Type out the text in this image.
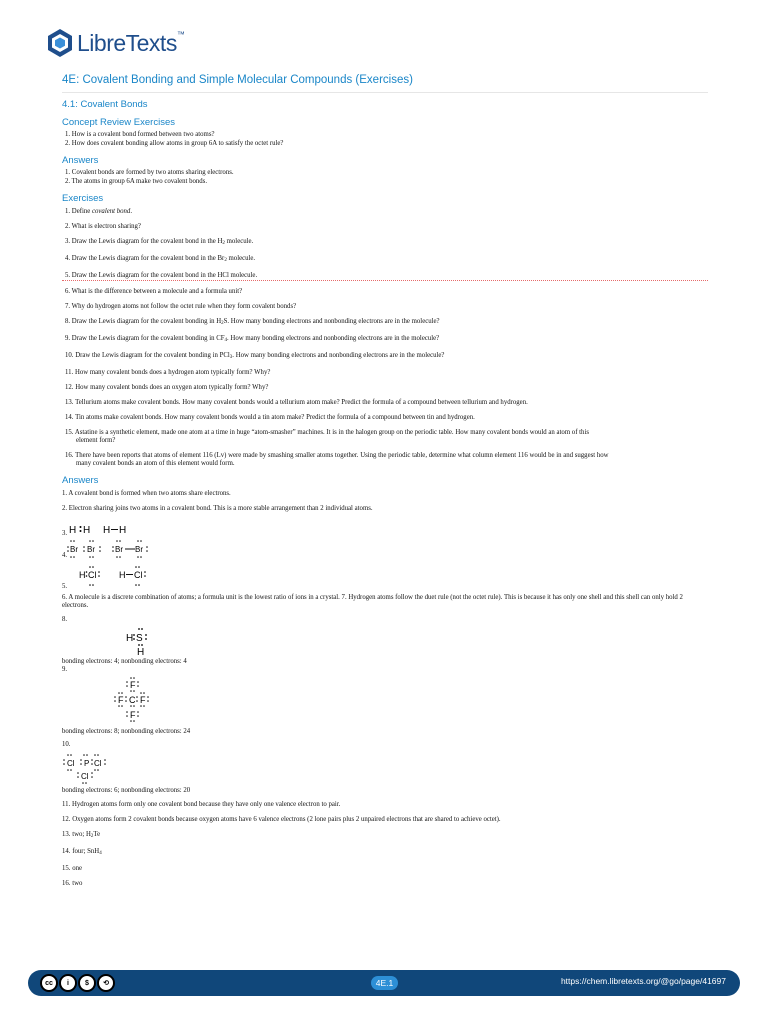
LibreTexts™
4E: Covalent Bonding and Simple Molecular Compounds (Exercises)
4.1: Covalent Bonds
Concept Review Exercises
1. How is a covalent bond formed between two atoms?
2. How does covalent bonding allow atoms in group 6A to satisfy the octet rule?
Answers
1. Covalent bonds are formed by two atoms sharing electrons.
2. The atoms in group 6A make two covalent bonds.
Exercises
1. Define covalent bond.
2. What is electron sharing?
3. Draw the Lewis diagram for the covalent bond in the $H_2$ molecule.
4. Draw the Lewis diagram for the covalent bond in the $Br_2$ molecule.
5. Draw the Lewis diagram for the covalent bond in the HCl molecule.
6. What is the difference between a molecule and a formula unit?
7. Why do hydrogen atoms not follow the octet rule when they form covalent bonds?
8. Draw the Lewis diagram for the covalent bonding in $H_2S$. How many bonding electrons and nonbonding electrons are in the molecule?
9. Draw the Lewis diagram for the covalent bonding in $CF_4$. How many bonding electrons and nonbonding electrons are in the molecule?
10. Draw the Lewis diagram for the covalent bonding in PCl$_3$. How many bonding electrons and nonbonding electrons are in the molecule?
11. How many covalent bonds does a hydrogen atom typically form? Why?
12. How many covalent bonds does an oxygen atom typically form? Why?
13. Tellurium atoms make covalent bonds. How many covalent bonds would a tellurium atom make? Predict the formula of a compound between tellurium and hydrogen.
14. Tin atoms make covalent bonds. How many covalent bonds would a tin atom make? Predict the formula of a compound between tin and hydrogen.
15. Astatine is a synthetic element, made one atom at a time in huge “atom-smasher” machines. It is in the halogen group on the periodic table. How many covalent bonds would an atom of this
element form?
16. There have been reports that atoms of element 116 (Lv) were made by smashing smaller atoms together. Using the periodic table, determine what column element 116 would be in and suggest how
many covalent bonds an atom of this element would form.
Answers
1. A covalent bond is formed when two atoms share electrons.
2. Electron sharing joins two atoms in a covalent bond. This is a more stable arrangement than 2 individual atoms.
3. H H H H
4.
Br Br	Br Br
5.
H Cl	H Cl
6. A molecule is a discrete combination of atoms; a formula unit is the lowest ratio of ions in a crystal. 7. Hydrogen atoms follow the duet rule (not the octet rule). This is because it has only one shell and this shell can only hold 2 electrons.
8.
H S
H
bonding electrons: 4; nonbonding electrons: 4
9.
F
F C F
F
bonding electrons: 8; nonbonding electrons: 24
10.
Cl P Cl
Cl
bonding electrons: 6; nonbonding electrons: 20
11. Hydrogen atoms form only one covalent bond because they have only one valence electron to pair.
12. Oxygen atoms form 2 covalent bonds because oxygen atoms have 6 valence electrons (2 lone pairs plus 2 unpaired electrons that are shared to achieve octet).
13. two; $H_2Te$
14. four; SnH$_4$
15. one
16. two
cc	i	$	⟲	4E.1	https://chem.libretexts.org/@go/page/41697
